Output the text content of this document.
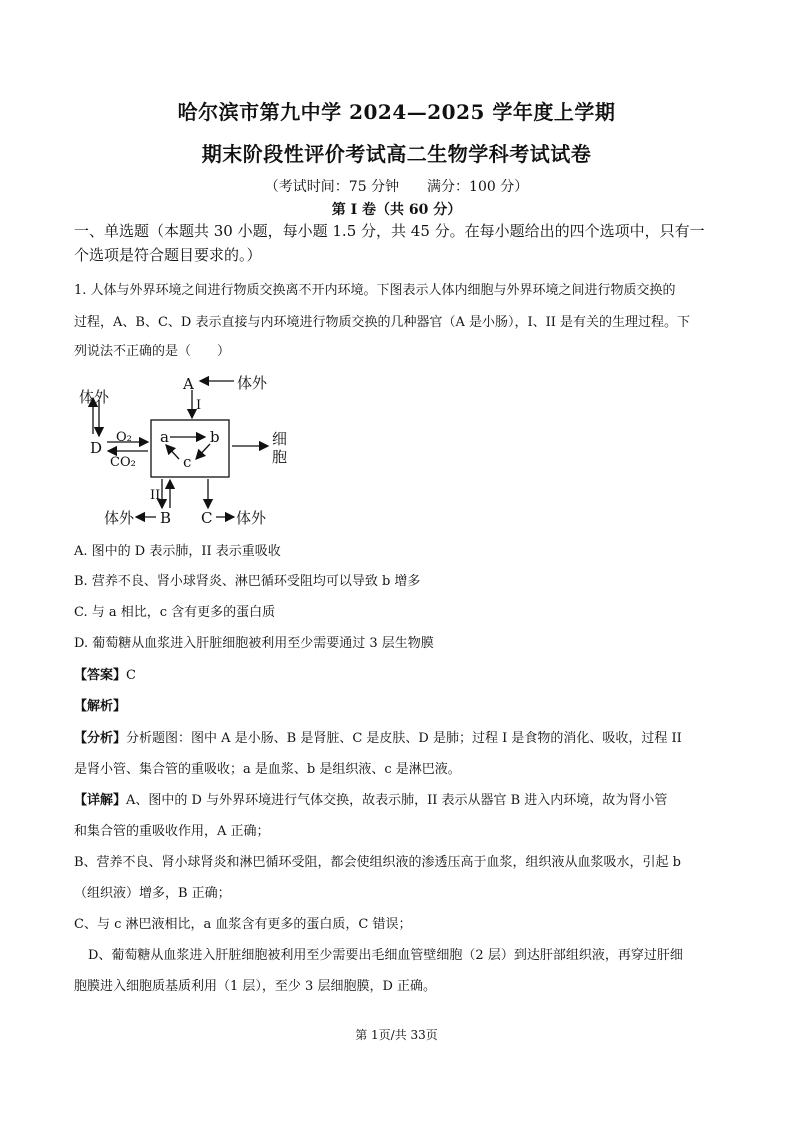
哈尔滨市第九中学 2024—2025 学年度上学期
期末阶段性评价考试高二生物学科考试试卷
（考试时间：75 分钟　　满分：100 分）
第 I 卷（共 60 分）
一、单选题（本题共 30 小题，每小题 1.5 分，共 45 分。在每小题给出的四个选项中，只有一
个选项是符合题目要求的。）
1. 人体与外界环境之间进行物质交换离不开内环境。下图表示人体内细胞与外界环境之间进行物质交换的
过程，A、B、C、D 表示直接与内环境进行物质交换的几种器官（A 是小肠），I、II 是有关的生理过程。下
列说法不正确的是（　　）
A	体外
I
体外
D
O₂
CO₂
a	b
c
细
胞
II
体外 B C 体外
A. 图中的 D 表示肺，II 表示重吸收
B. 营养不良、肾小球肾炎、淋巴循环受阻均可以导致 b 增多
C. 与 a 相比，c 含有更多的蛋白质
D. 葡萄糖从血浆进入肝脏细胞被利用至少需要通过 3 层生物膜
【答案】C
【解析】
【分析】分析题图：图中 A 是小肠、B 是肾脏、C 是皮肤、D 是肺；过程 I 是食物的消化、吸收，过程 II
是肾小管、集合管的重吸收；a 是血浆、b 是组织液、c 是淋巴液。
【详解】A、图中的 D 与外界环境进行气体交换，故表示肺，II 表示从器官 B 进入内环境，故为肾小管
和集合管的重吸收作用，A 正确；
B、营养不良、肾小球肾炎和淋巴循环受阻，都会使组织液的渗透压高于血浆，组织液从血浆吸水，引起 b
（组织液）增多，B 正确；
C、与 c 淋巴液相比，a 血浆含有更多的蛋白质，C 错误；
D、葡萄糖从血浆进入肝脏细胞被利用至少需要出毛细血管壁细胞（2 层）到达肝部组织液，再穿过肝细
胞膜进入细胞质基质利用（1 层），至少 3 层细胞膜，D 正确。
第 1页/共 33页
